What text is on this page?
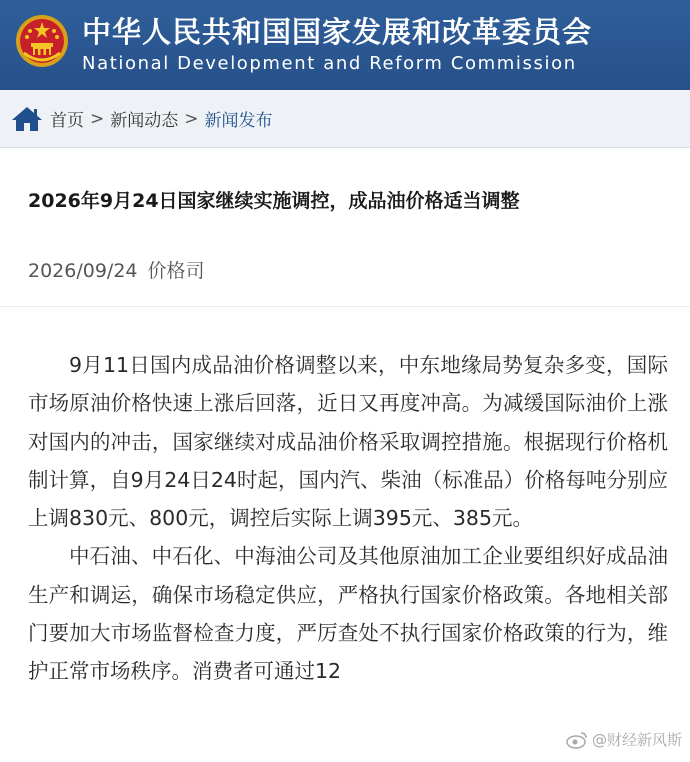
中华人民共和国国家发展和改革委员会
National Development and Reform Commission
首页 > 新闻动态 > 新闻发布
2026年9月24日国家继续实施调控，成品油价格适当调整
2026/09/24 价格司

9月11日国内成品油价格调整以来，中东地缘局势复杂多变，国际市场原油价格快速上涨后回落，近日又再度冲高。为减缓国际油价上涨对国内的冲击，国家继续对成品油价格采取调控措施。根据现行价格机制计算，自9月24日24时起，国内汽、柴油（标准品）价格每吨分别应上调830元、800元，调控后实际上调395元、385元。

中石油、中石化、中海油公司及其他原油加工企业要组织好成品油生产和调运，确保市场稳定供应，严格执行国家价格政策。各地相关部门要加大市场监督检查力度，严厉查处不执行国家价格政策的行为，维护正常市场秩序。消费者可通过12

@财经新风斯
